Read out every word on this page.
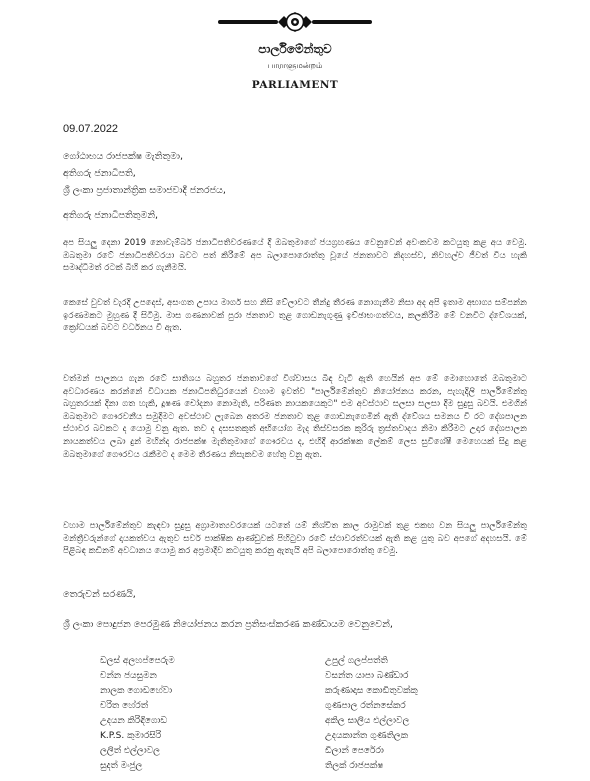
පාර්ලිමේන්තුව
பாராளுமன்றம்
PARLIAMENT
09.07.2022
ගෝඨාභය රාජපක්ෂ මැතිතුමා,
අතිගරු ජනාධිපති,
ශ්‍රී ලංකා ප්‍රජාතාන්ත්‍රික සමාජවාදී ජනරජය,
අතිගරු ජනාධිපතිතුමනි,
අප සියලු දෙනා 2019 නොවැම්බර් ජනාධිපතිවරණයේ දී ඔබතුමාගේ ජයග්‍රහණය වෙනුවෙන් අවංකවම කටයුතු කළ අය වෙමු. ඔබතුමා රටේ ජනාධිපතිවරයා බවට පත් කිරීමේ අප බලාපොරොත්තු වූයේ ජනතාවට නිදහස්ව, නිවහල්ව ජීවත් විය හැකි සමෘද්ධිමත් රටක් බිහි කර ගැනීමයි.
කෙසේ වුවත් වැරදි උපදෙස්, අසංගත උපාය මාර්ග සහ නිසි වේලාවට තීන්දු තීරණ නොගැනීම නිසා අද අපි ඉතාම අභාග්‍ය සම්පන්න ඉරණමකට මුහුණ දී සිටිමු. මාස ගණනාවක් පුරා ජනතාව තුළ ගොඩනැගුණු ඉච්ඡාභංගත්වය, කලකිරීම මේ වනවිට ද්වේශයක්, ක්‍රෝධයක් බවට වර්ධනය වී ඇත.
වත්මන් පාලනය ගැන රටේ සාතිශය බහුතර ජනතාවගේ විශ්වාසය බිඳ වැටී ඇති හෙයින් අප මේ මොහොතේ ඔබතුමාට අවධාරණය කරන්නේ විධායක ජනාධිපතිධුරයෙන් වහාම ඉවත්ව "පාර්ලිමේන්තුව නියෝජනය කරන, පැහැදිලි පාර්ලිමේන්තු බහුතරයක් දිනා ගත හැකි, දූෂණ චෝදනා නොමැති, පරිණත නායකයෙකුට" එම අවස්ථාව සලසා සලසා දීම සුදුසු බවයි. එමගින් ඔබතුමාට ගෞරවනීය සමුදීමට අවස්ථාව ලැබෙන අතරම ජනතාව තුළ ගොඩනැගෙමින් ඇති ද්වේශය සමනය වී රට දේශපාලන ස්ථාවර බවකට ද යොමු වනු ඇත. තව ද දසසතකුත් අභියෝග මැද තිස්වසරක කුරිරු ත්‍රස්තවාදය නිමා කිරීමට උදාර දේශපාලන නායකත්වය ලබා දුන් මහින්ද රාජපක්ෂ මැතිතුමාගේ ගෞරවය ද, එහිදී ආරක්ෂක ලේකම් ලෙස සුවිශේෂී මෙහෙයක් සිදු කළ ඔබතුමාගේ ගෞරවය රැකීමට ද මෙම තීරණය නිසැකවම හේතු වනු ඇත.
වහාම පාර්ලිමේන්තුව කැඳවා සුදුසු අග්‍රාමාත්‍යවරයෙක් යටතේ යම් නිශ්චිත කාල රාමුවක් තුළ එකඟ වන සියලු පාර්ලිමේන්තු මන්ත්‍රීවරුන්ගේ දායකත්වය ඇතුව සර්ව පාක්ෂික ආණ්ඩුවක් පිහිටුවා රටේ ස්ථාවරත්වයක් ඇති කළ යුතු බව අපගේ අදහසයි. මේ පිළිබඳ කඩිනම් අවධානය යොමු කර අප්‍රමාදීව කටයුතු කරනු ඇතැයි අපි බලාපොරොත්තු වෙමු.
තෙරුවන් සරණයි,
ශ්‍රී ලංකා පොදුජන පෙරමුණ නියෝජනය කරන ප්‍රතිසංස්කරණ කණ්ඩායම වෙනුවෙන්,
ඩලස් අලහප්පෙරුම
චන්න ජයසුමන
නාලක ගොඩහේවා
චරිත හේරත්
උදයන කිරිඳිගොඩ
K.P.S. කුමාරසිරි
ලලිත් එල්ලාවල
සුදත් මංජුල
උපුල් ගලප්පත්ති
වසන්ත යාපා බණ්ඩාර
කරුණාදාස කොඩිතුවක්කු
ගුණපාල රත්නසේකර
අකිල සාලිය එල්ලාවල
උදයකාන්ත ගුණතිලක
ඩිලාන් පෙරේරා
තිලක් රාජපක්ෂ
